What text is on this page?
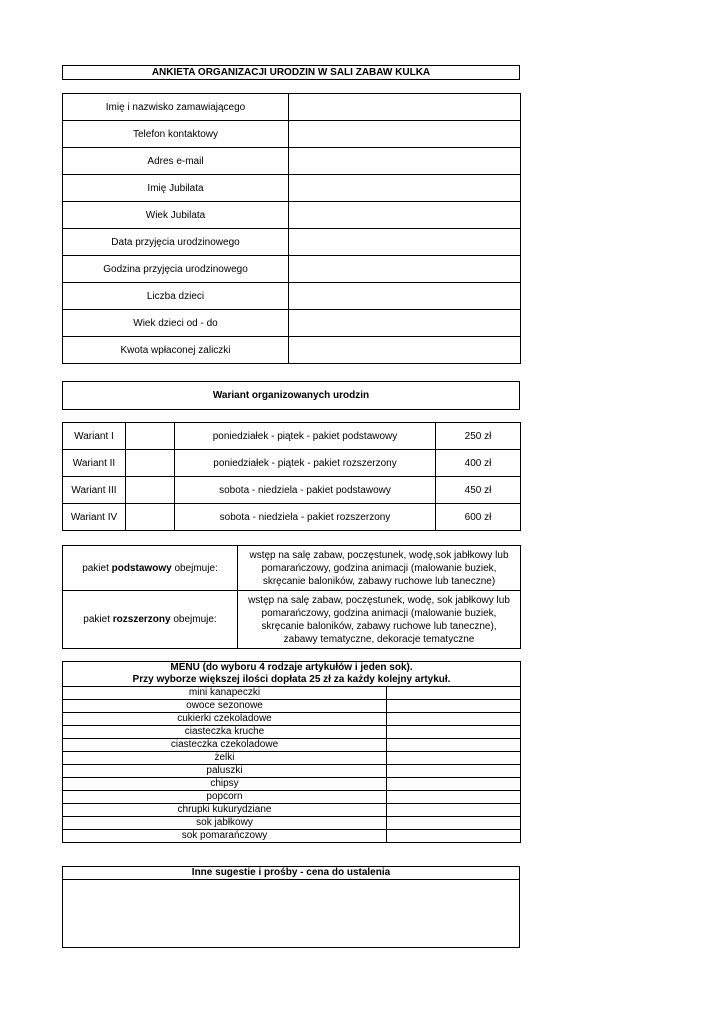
ANKIETA ORGANIZACJI URODZIN W SALI ZABAW KULKA
Imię i nazwisko zamawiającego	
Telefon kontaktowy	
Adres e-mail	
Imię Jubilata	
Wiek Jubilata	
Data przyjęcia urodzinowego	
Godzina przyjęcia urodzinowego	
Liczba dzieci	
Wiek dzieci od - do	
Kwota wpłaconej zaliczki	
Wariant organizowanych urodzin
Wariant I		poniedziałek - piątek - pakiet podstawowy	250 zł
Wariant II		poniedziałek - piątek - pakiet rozszerzony	400 zł
Wariant III		sobota - niedziela - pakiet podstawowy	450 zł
Wariant IV		sobota - niedziela - pakiet rozszerzony	600 zł
pakiet podstawowy obejmuje:	wstęp na salę zabaw, poczęstunek, wodę,sok jabłkowy lub pomarańczowy, godzina animacji (malowanie buziek, skręcanie baloników, zabawy ruchowe lub taneczne)
pakiet rozszerzony obejmuje:	wstęp na salę zabaw, poczęstunek, wodę, sok jabłkowy lub pomarańczowy, godzina animacji (malowanie buziek, skręcanie baloników, zabawy ruchowe lub taneczne), zabawy tematyczne, dekoracje tematyczne
MENU (do wyboru 4 rodzaje artykułów i jeden sok).
Przy wyborze większej ilości dopłata 25 zł za każdy kolejny artykuł.	

mini kanapeczki	
owoce sezonowe	
cukierki czekoladowe	
ciasteczka kruche	
ciasteczka czekoladowe	
żelki	
paluszki	
chipsy	
popcorn	
chrupki kukurydziane	
sok jabłkowy	
sok pomarańczowy	
Inne sugestie i prośby - cena do ustalenia
